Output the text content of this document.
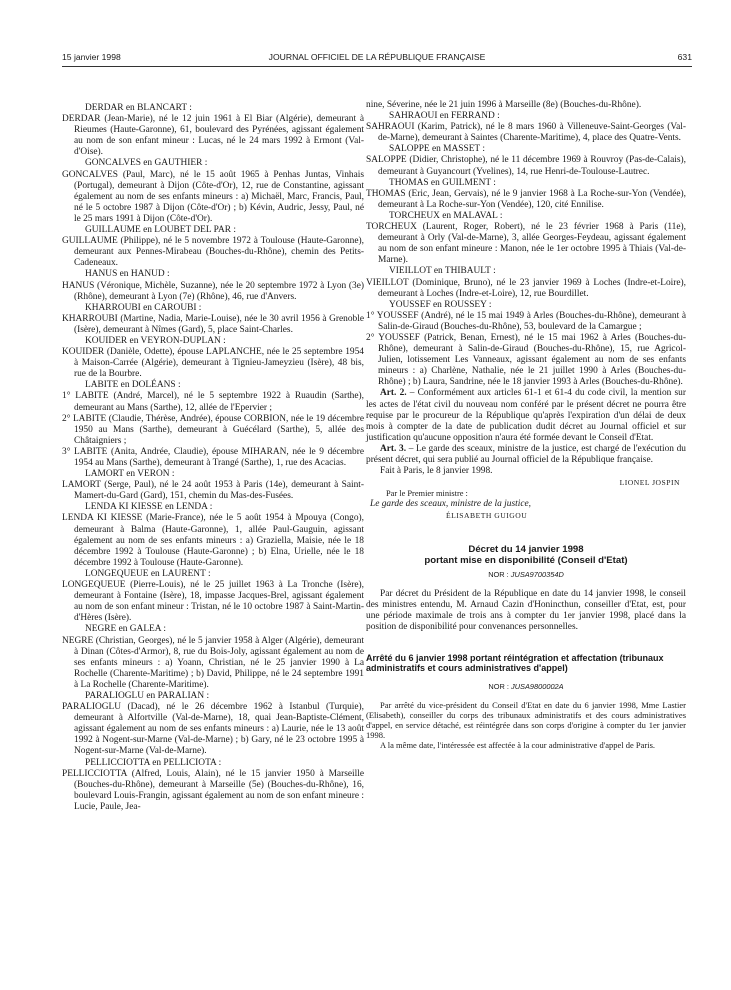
15 janvier 1998	JOURNAL OFFICIEL DE LA RÉPUBLIQUE FRANÇAISE	631

DERDAR en BLANCART :

DERDAR (Jean-Marie), né le 12 juin 1961 à El Biar (Algérie), demeurant à Rieumes (Haute-Garonne), 61, boulevard des Pyrénées, agissant également au nom de son enfant mineur : Lucas, né le 24 mars 1992 à Ermont (Val-d'Oise).

GONCALVES en GAUTHIER :

GONCALVES (Paul, Marc), né le 15 août 1965 à Penhas Juntas, Vinhais (Portugal), demeurant à Dijon (Côte-d'Or), 12, rue de Constantine, agissant également au nom de ses enfants mineurs : a) Michaël, Marc, Francis, Paul, né le 5 octobre 1987 à Dijon (Côte-d'Or) ; b) Kévin, Audric, Jessy, Paul, né le 25 mars 1991 à Dijon (Côte-d'Or).

GUILLAUME en LOUBET DEL PAR :

GUILLAUME (Philippe), né le 5 novembre 1972 à Toulouse (Haute-Garonne), demeurant aux Pennes-Mirabeau (Bouches-du-Rhône), chemin des Petits-Cadeneaux.

HANUS en HANUD :

HANUS (Véronique, Michèle, Suzanne), née le 20 septembre 1972 à Lyon (3e) (Rhône), demeurant à Lyon (7e) (Rhône), 46, rue d'Anvers.

KHARROUBI en CAROUBI :

KHARROUBI (Martine, Nadia, Marie-Louise), née le 30 avril 1956 à Grenoble (Isère), demeurant à Nîmes (Gard), 5, place Saint-Charles.

KOUIDER en VEYRON-DUPLAN :

KOUIDER (Danièle, Odette), épouse LAPLANCHE, née le 25 septembre 1954 à Maison-Carrée (Algérie), demeurant à Tignieu-Jameyzieu (Isère), 48 bis, rue de la Bourbre.

LABITE en DOLÉANS :

1° LABITE (André, Marcel), né le 5 septembre 1922 à Ruaudin (Sarthe), demeurant au Mans (Sarthe), 12, allée de l'Epervier ;

2° LABITE (Claudie, Thérèse, Andrée), épouse CORBION, née le 19 décembre 1950 au Mans (Sarthe), demeurant à Guécélard (Sarthe), 5, allée des Châtaigniers ;

3° LABITE (Anita, Andrée, Claudie), épouse MIHARAN, née le 9 décembre 1954 au Mans (Sarthe), demeurant à Trangé (Sarthe), 1, rue des Acacias.

LAMORT en VERON :

LAMORT (Serge, Paul), né le 24 août 1953 à Paris (14e), demeurant à Saint-Mamert-du-Gard (Gard), 151, chemin du Mas-des-Fusées.

LENDA KI KIESSE en LENDA :

LENDA KI KIESSE (Marie-France), née le 5 août 1954 à Mpouya (Congo), demeurant à Balma (Haute-Garonne), 1, allée Paul-Gauguin, agissant également au nom de ses enfants mineurs : a) Graziella, Maisie, née le 18 décembre 1992 à Toulouse (Haute-Garonne) ; b) Elna, Urielle, née le 18 décembre 1992 à Toulouse (Haute-Garonne).

LONGEQUEUE en LAURENT :

LONGEQUEUE (Pierre-Louis), né le 25 juillet 1963 à La Tronche (Isère), demeurant à Fontaine (Isère), 18, impasse Jacques-Brel, agissant également au nom de son enfant mineur : Tristan, né le 10 octobre 1987 à Saint-Martin-d'Hères (Isère).

NEGRE en GALEA :

NEGRE (Christian, Georges), né le 5 janvier 1958 à Alger (Algérie), demeurant à Dinan (Côtes-d'Armor), 8, rue du Bois-Joly, agissant également au nom de ses enfants mineurs : a) Yoann, Christian, né le 25 janvier 1990 à La Rochelle (Charente-Maritime) ; b) David, Philippe, né le 24 septembre 1991 à La Rochelle (Charente-Maritime).

PARALIOGLU en PARALIAN :

PARALIOGLU (Dacad), né le 26 décembre 1962 à Istanbul (Turquie), demeurant à Alfortville (Val-de-Marne), 18, quai Jean-Baptiste-Clément, agissant également au nom de ses enfants mineurs : a) Laurie, née le 13 août 1992 à Nogent-sur-Marne (Val-de-Marne) ; b) Gary, né le 23 octobre 1995 à Nogent-sur-Marne (Val-de-Marne).

PELLICCIOTTA en PELLICIOTA :

PELLICCIOTTA (Alfred, Louis, Alain), né le 15 janvier 1950 à Marseille (Bouches-du-Rhône), demeurant à Marseille (5e) (Bouches-du-Rhône), 16, boulevard Louis-Frangin, agissant également au nom de son enfant mineure : Lucie, Paule, Jea-

nine, Séverine, née le 21 juin 1996 à Marseille (8e) (Bouches-du-Rhône).

SAHRAOUI en FERRAND :

SAHRAOUI (Karim, Patrick), né le 8 mars 1960 à Villeneuve-Saint-Georges (Val-de-Marne), demeurant à Saintes (Charente-Maritime), 4, place des Quatre-Vents.

SALOPPE en MASSET :

SALOPPE (Didier, Christophe), né le 11 décembre 1969 à Rouvroy (Pas-de-Calais), demeurant à Guyancourt (Yvelines), 14, rue Henri-de-Toulouse-Lautrec.

THOMAS en GUILMENT :

THOMAS (Eric, Jean, Gervais), né le 9 janvier 1968 à La Roche-sur-Yon (Vendée), demeurant à La Roche-sur-Yon (Vendée), 120, cité Ennilise.

TORCHEUX en MALAVAL :

TORCHEUX (Laurent, Roger, Robert), né le 23 février 1968 à Paris (11e), demeurant à Orly (Val-de-Marne), 3, allée Georges-Feydeau, agissant également au nom de son enfant mineure : Manon, née le 1er octobre 1995 à Thiais (Val-de-Marne).

VIEILLOT en THIBAULT :

VIEILLOT (Dominique, Bruno), né le 23 janvier 1969 à Loches (Indre-et-Loire), demeurant à Loches (Indre-et-Loire), 12, rue Bourdillet.

YOUSSEF en ROUSSEY :

1° YOUSSEF (André), né le 15 mai 1949 à Arles (Bouches-du-Rhône), demeurant à Salin-de-Giraud (Bouches-du-Rhône), 53, boulevard de la Camargue ;

2° YOUSSEF (Patrick, Benan, Ernest), né le 15 mai 1962 à Arles (Bouches-du-Rhône), demeurant à Salin-de-Giraud (Bouches-du-Rhône), 15, rue Agricol-Julien, lotissement Les Vanneaux, agissant également au nom de ses enfants mineurs : a) Charlène, Nathalie, née le 21 juillet 1990 à Arles (Bouches-du-Rhône) ; b) Laura, Sandrine, née le 18 janvier 1993 à Arles (Bouches-du-Rhône).

Art. 2. – Conformément aux articles 61-1 et 61-4 du code civil, la mention sur les actes de l'état civil du nouveau nom conféré par le présent décret ne pourra être requise par le procureur de la République qu'après l'expiration d'un délai de deux mois à compter de la date de publication dudit décret au Journal officiel et sur justification qu'aucune opposition n'aura été formée devant le Conseil d'Etat.

Art. 3. – Le garde des sceaux, ministre de la justice, est chargé de l'exécution du présent décret, qui sera publié au Journal officiel de la République française.

Fait à Paris, le 8 janvier 1998.

LIONEL JOSPIN

Par le Premier ministre :

Le garde des sceaux, ministre de la justice,

ÉLISABETH GUIGOU

Décret du 14 janvier 1998
portant mise en disponibilité (Conseil d'Etat)
NOR : JUSA9700354D

Par décret du Président de la République en date du 14 janvier 1998, le conseil des ministres entendu, M. Arnaud Cazin d'Honincthun, conseiller d'Etat, est, pour une période maximale de trois ans à compter du 1er janvier 1998, placé dans la position de disponibilité pour convenances personnelles.

Arrêté du 6 janvier 1998 portant réintégration et affectation (tribunaux administratifs et cours administratives d'appel)
NOR : JUSA9800002A

Par arrêté du vice-président du Conseil d'Etat en date du 6 janvier 1998, Mme Lastier (Elisabeth), conseiller du corps des tribunaux administratifs et des cours administratives d'appel, en service détaché, est réintégrée dans son corps d'origine à compter du 1er janvier 1998.

A la même date, l'intéressée est affectée à la cour administrative d'appel de Paris.
